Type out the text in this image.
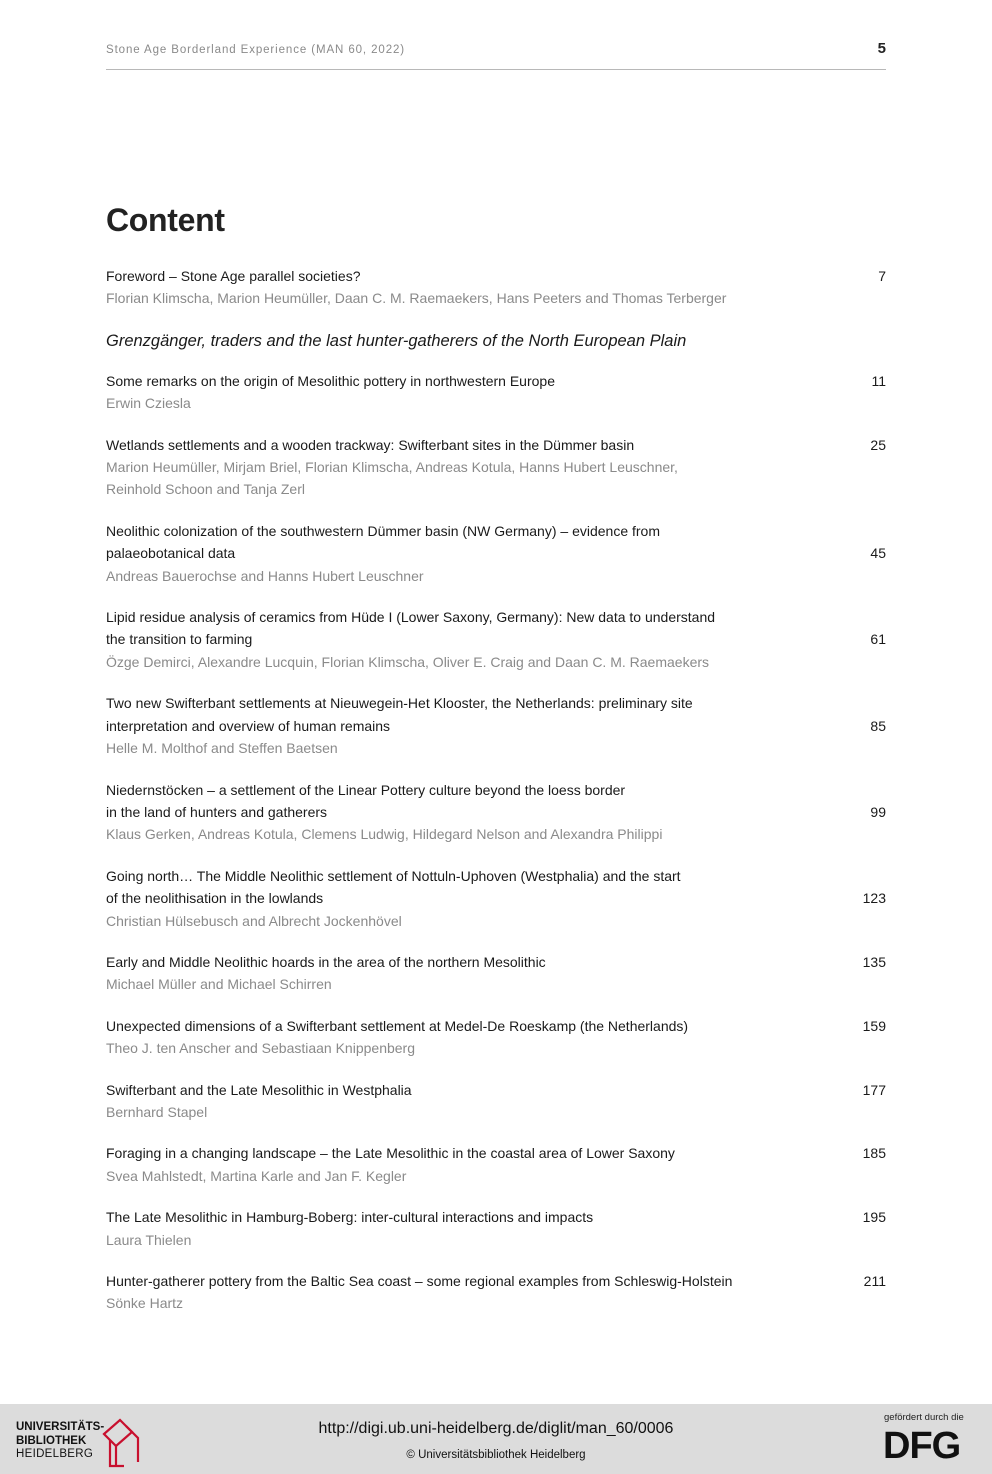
Stone Age Borderland Experience (MAN 60, 2022)	5
Content
Foreword – Stone Age parallel societies?
Florian Klimscha, Marion Heumüller, Daan C. M. Raemaekers, Hans Peeters and Thomas Terberger
7
Grenzgänger, traders and the last hunter-gatherers of the North European Plain
Some remarks on the origin of Mesolithic pottery in northwestern Europe
Erwin Cziesla
11
Wetlands settlements and a wooden trackway: Swifterbant sites in the Dümmer basin
Marion Heumüller, Mirjam Briel, Florian Klimscha, Andreas Kotula, Hanns Hubert Leuschner,
Reinhold Schoon and Tanja Zerl
25
Neolithic colonization of the southwestern Dümmer basin (NW Germany) – evidence from
palaeobotanical data
Andreas Bauerochse and Hanns Hubert Leuschner
45
Lipid residue analysis of ceramics from Hüde I (Lower Saxony, Germany): New data to understand
the transition to farming
Özge Demirci, Alexandre Lucquin, Florian Klimscha, Oliver E. Craig and Daan C. M. Raemaekers
61
Two new Swifterbant settlements at Nieuwegein-Het Klooster, the Netherlands: preliminary site
interpretation and overview of human remains
Helle M. Molthof and Steffen Baetsen
85
Niedernstöcken – a settlement of the Linear Pottery culture beyond the loess border
in the land of hunters and gatherers
Klaus Gerken, Andreas Kotula, Clemens Ludwig, Hildegard Nelson and Alexandra Philippi
99
Going north… The Middle Neolithic settlement of Nottuln-Uphoven (Westphalia) and the start
of the neolithisation in the lowlands
Christian Hülsebusch and Albrecht Jockenhövel
123
Early and Middle Neolithic hoards in the area of the northern Mesolithic
Michael Müller and Michael Schirren
135
Unexpected dimensions of a Swifterbant settlement at Medel-De Roeskamp (the Netherlands)
Theo J. ten Anscher and Sebastiaan Knippenberg
159
Swifterbant and the Late Mesolithic in Westphalia
Bernhard Stapel
177
Foraging in a changing landscape – the Late Mesolithic in the coastal area of Lower Saxony
Svea Mahlstedt, Martina Karle and Jan F. Kegler
185
The Late Mesolithic in Hamburg-Boberg: inter-cultural interactions and impacts
Laura Thielen
195
Hunter-gatherer pottery from the Baltic Sea coast – some regional examples from Schleswig-Holstein
Sönke Hartz
211
UNIVERSITÄTS-
BIBLIOTHEK
HEIDELBERG
http://digi.ub.uni-heidelberg.de/diglit/man_60/0006
© Universitätsbibliothek Heidelberg
gefördert durch die
DFG
